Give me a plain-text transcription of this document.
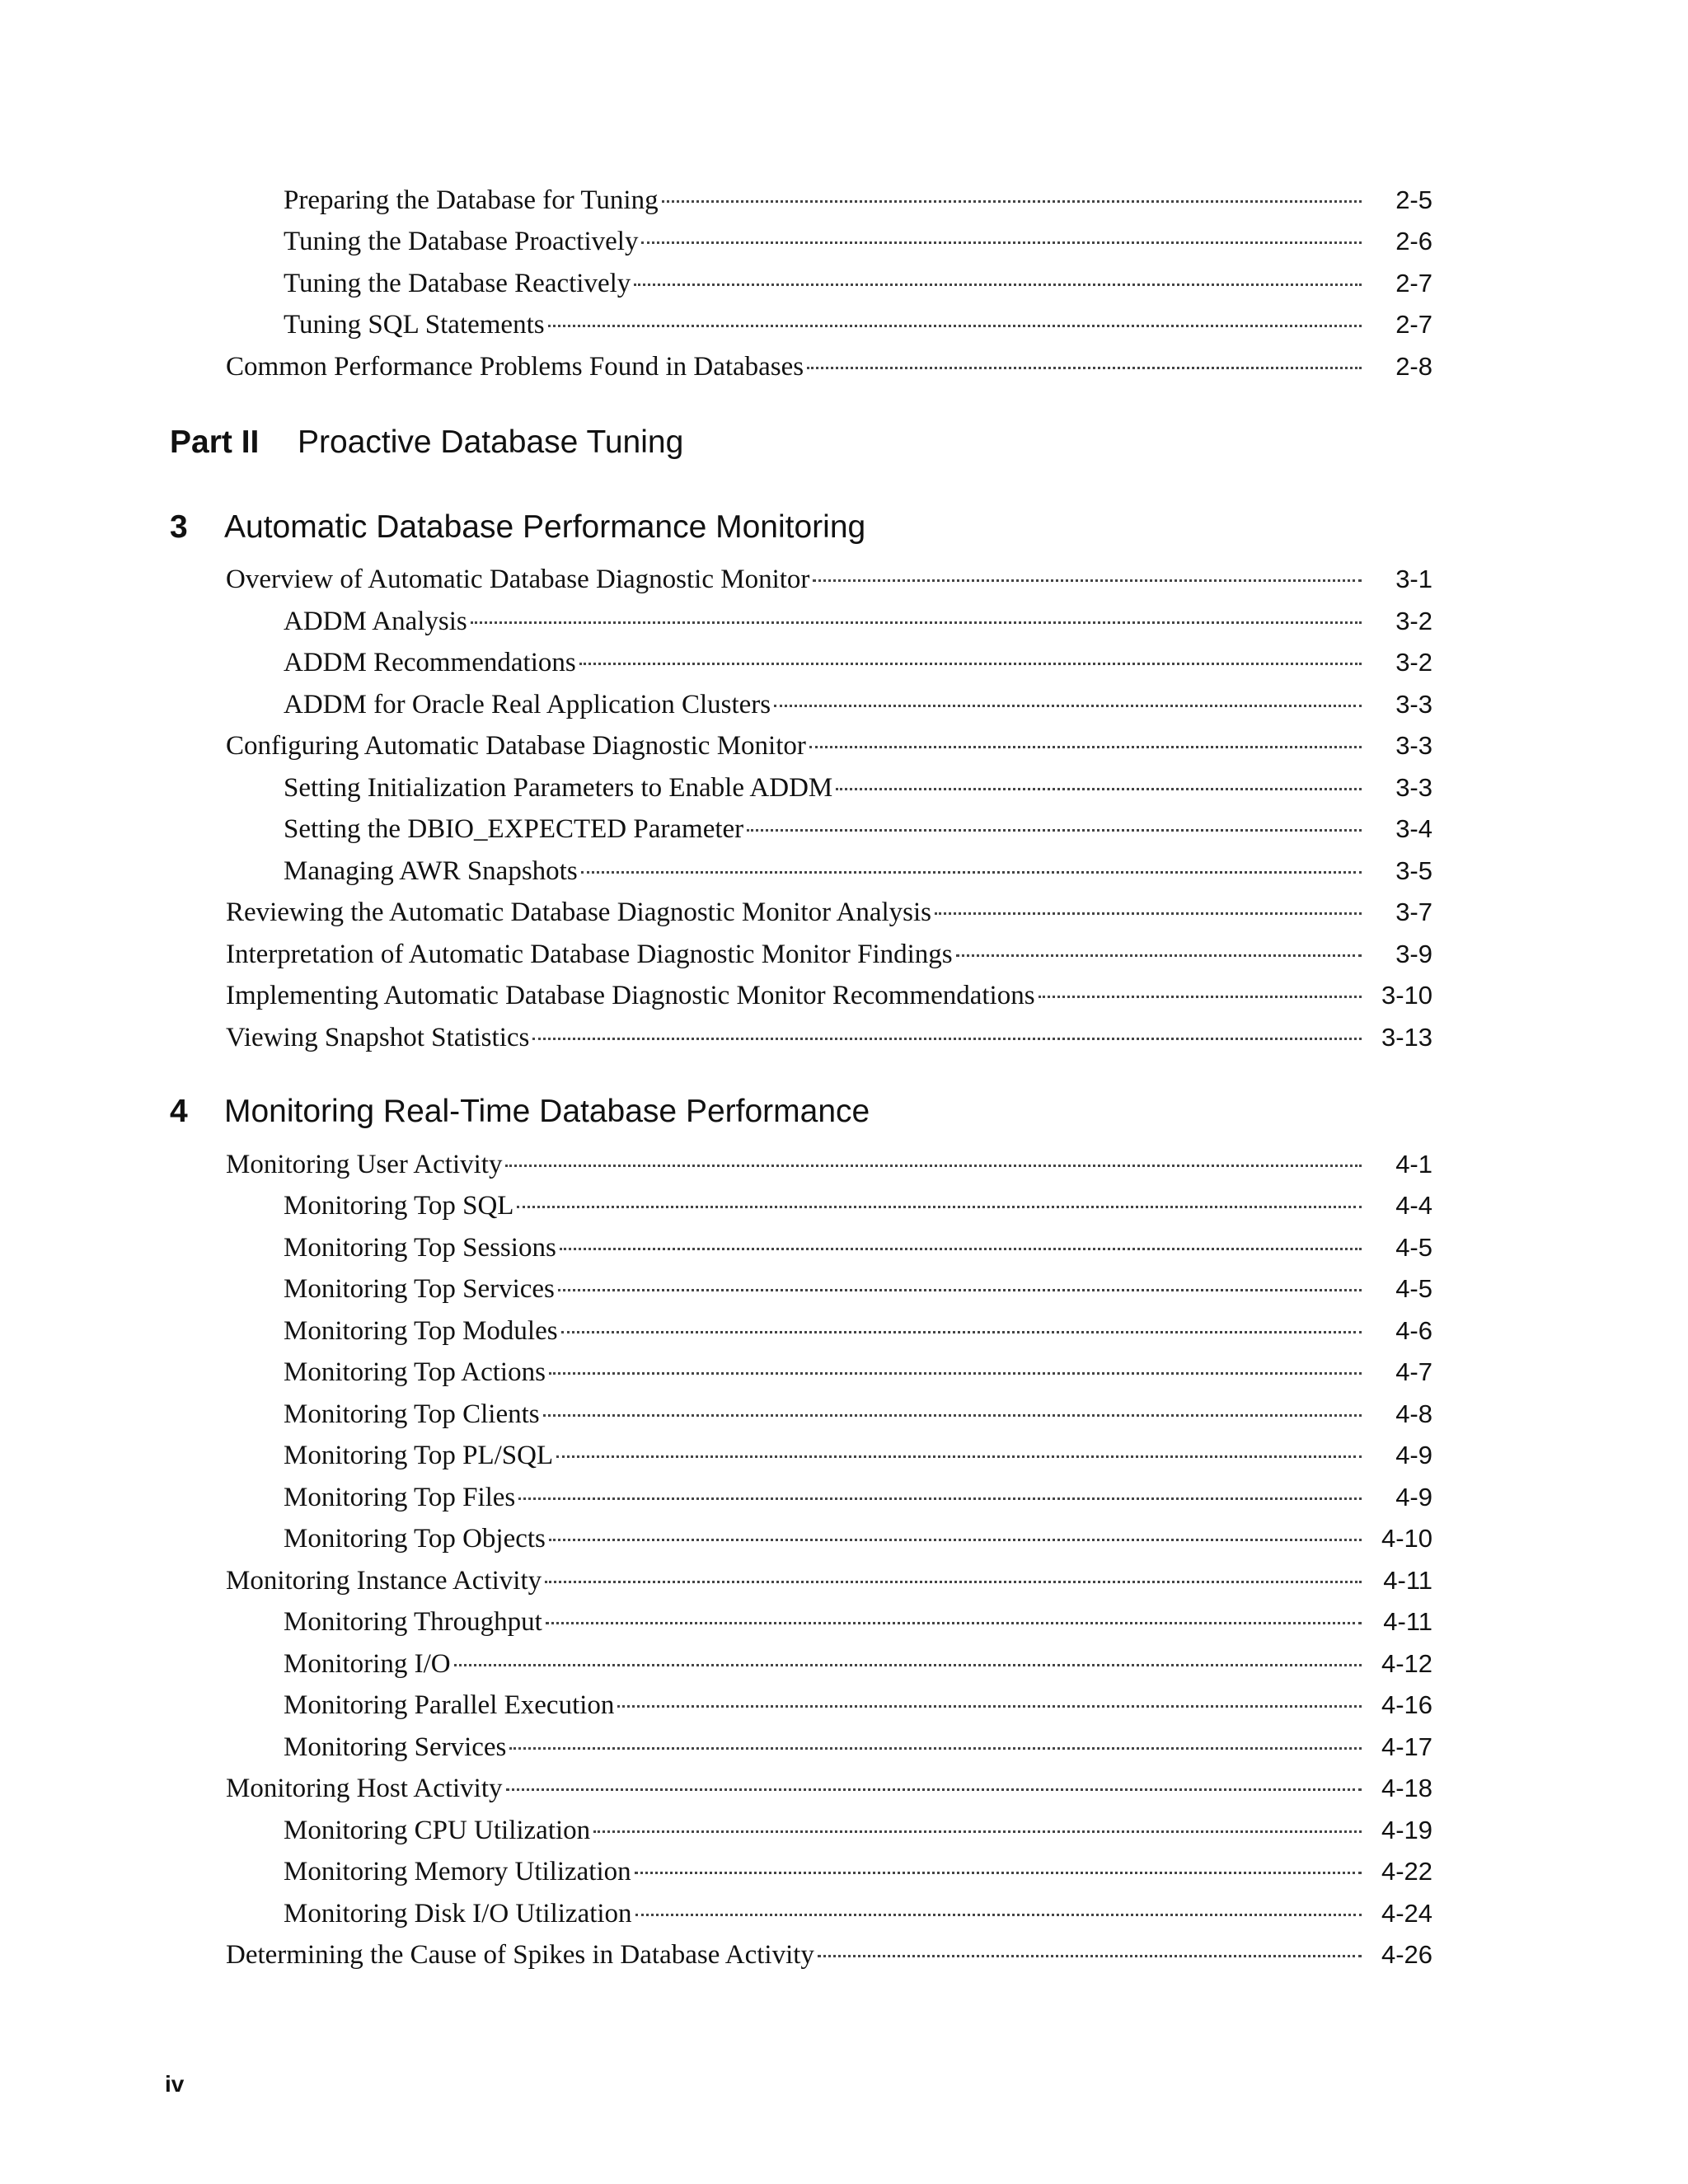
Preparing the Database for Tuning	2-5
Tuning the Database Proactively	2-6
Tuning the Database Reactively	2-7
Tuning SQL Statements	2-7
Common Performance Problems Found in Databases	2-8
Part II Proactive Database Tuning
3 Automatic Database Performance Monitoring
Overview of Automatic Database Diagnostic Monitor	3-1
ADDM Analysis	3-2
ADDM Recommendations	3-2
ADDM for Oracle Real Application Clusters	3-3
Configuring Automatic Database Diagnostic Monitor	3-3
Setting Initialization Parameters to Enable ADDM	3-3
Setting the DBIO_EXPECTED Parameter	3-4
Managing AWR Snapshots	3-5
Reviewing the Automatic Database Diagnostic Monitor Analysis	3-7
Interpretation of Automatic Database Diagnostic Monitor Findings	3-9
Implementing Automatic Database Diagnostic Monitor Recommendations	3-10
Viewing Snapshot Statistics	3-13
4 Monitoring Real-Time Database Performance
Monitoring User Activity	4-1
Monitoring Top SQL	4-4
Monitoring Top Sessions	4-5
Monitoring Top Services	4-5
Monitoring Top Modules	4-6
Monitoring Top Actions	4-7
Monitoring Top Clients	4-8
Monitoring Top PL/SQL	4-9
Monitoring Top Files	4-9
Monitoring Top Objects	4-10
Monitoring Instance Activity	4-11
Monitoring Throughput	4-11
Monitoring I/O	4-12
Monitoring Parallel Execution	4-16
Monitoring Services	4-17
Monitoring Host Activity	4-18
Monitoring CPU Utilization	4-19
Monitoring Memory Utilization	4-22
Monitoring Disk I/O Utilization	4-24
Determining the Cause of Spikes in Database Activity	4-26
iv
